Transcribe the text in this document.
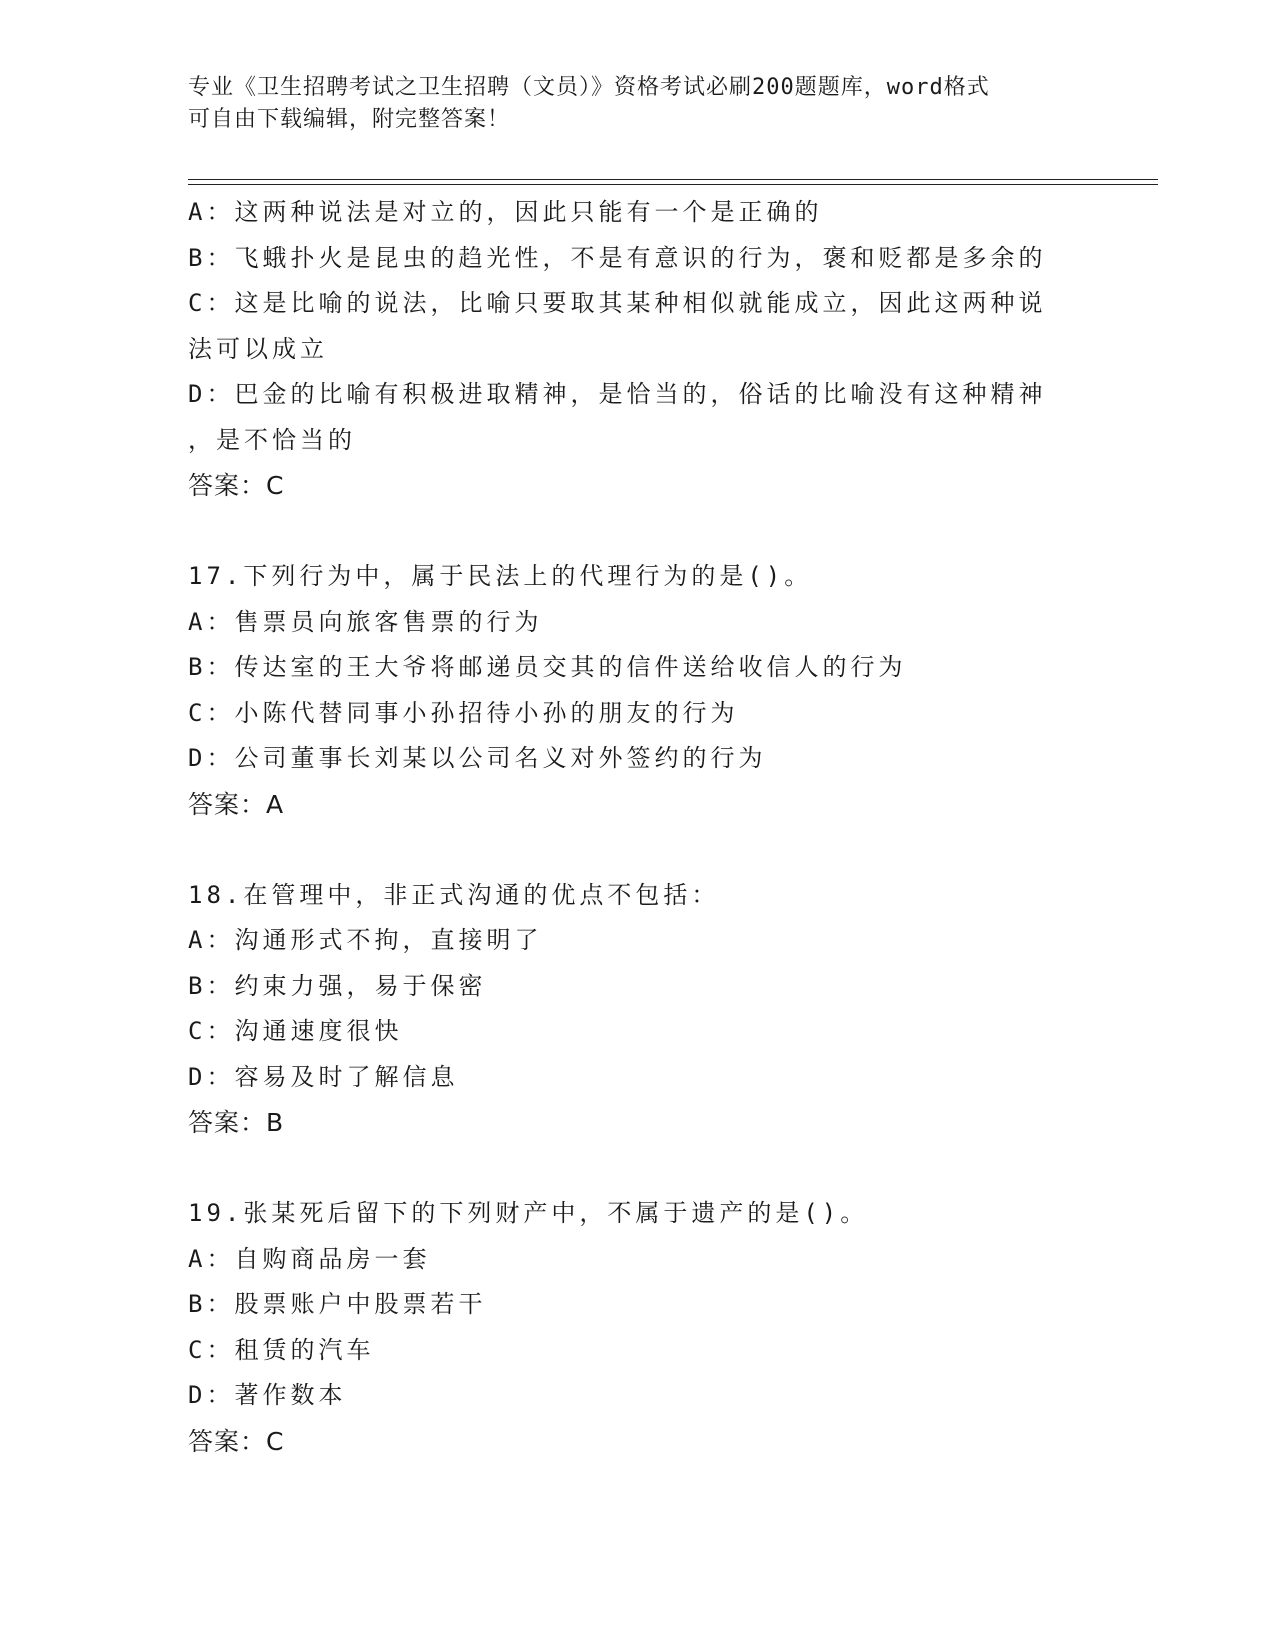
专业《卫生招聘考试之卫生招聘（文员）》资格考试必刷200题题库，word格式
可自由下载编辑，附完整答案！

A：这两种说法是对立的，因此只能有一个是正确的

B：飞蛾扑火是昆虫的趋光性，不是有意识的行为，褒和贬都是多余的

C：这是比喻的说法，比喻只要取其某种相似就能成立，因此这两种说

法可以成立

D：巴金的比喻有积极进取精神，是恰当的，俗话的比喻没有这种精神

，是不恰当的

答案：C

17.下列行为中，属于民法上的代理行为的是()。

A：售票员向旅客售票的行为

B：传达室的王大爷将邮递员交其的信件送给收信人的行为

C：小陈代替同事小孙招待小孙的朋友的行为

D：公司董事长刘某以公司名义对外签约的行为

答案：A

18.在管理中，非正式沟通的优点不包括：

A：沟通形式不拘，直接明了

B：约束力强，易于保密

C：沟通速度很快

D：容易及时了解信息

答案：B

19.张某死后留下的下列财产中，不属于遗产的是()。

A：自购商品房一套

B：股票账户中股票若干

C：租赁的汽车

D：著作数本

答案：C
